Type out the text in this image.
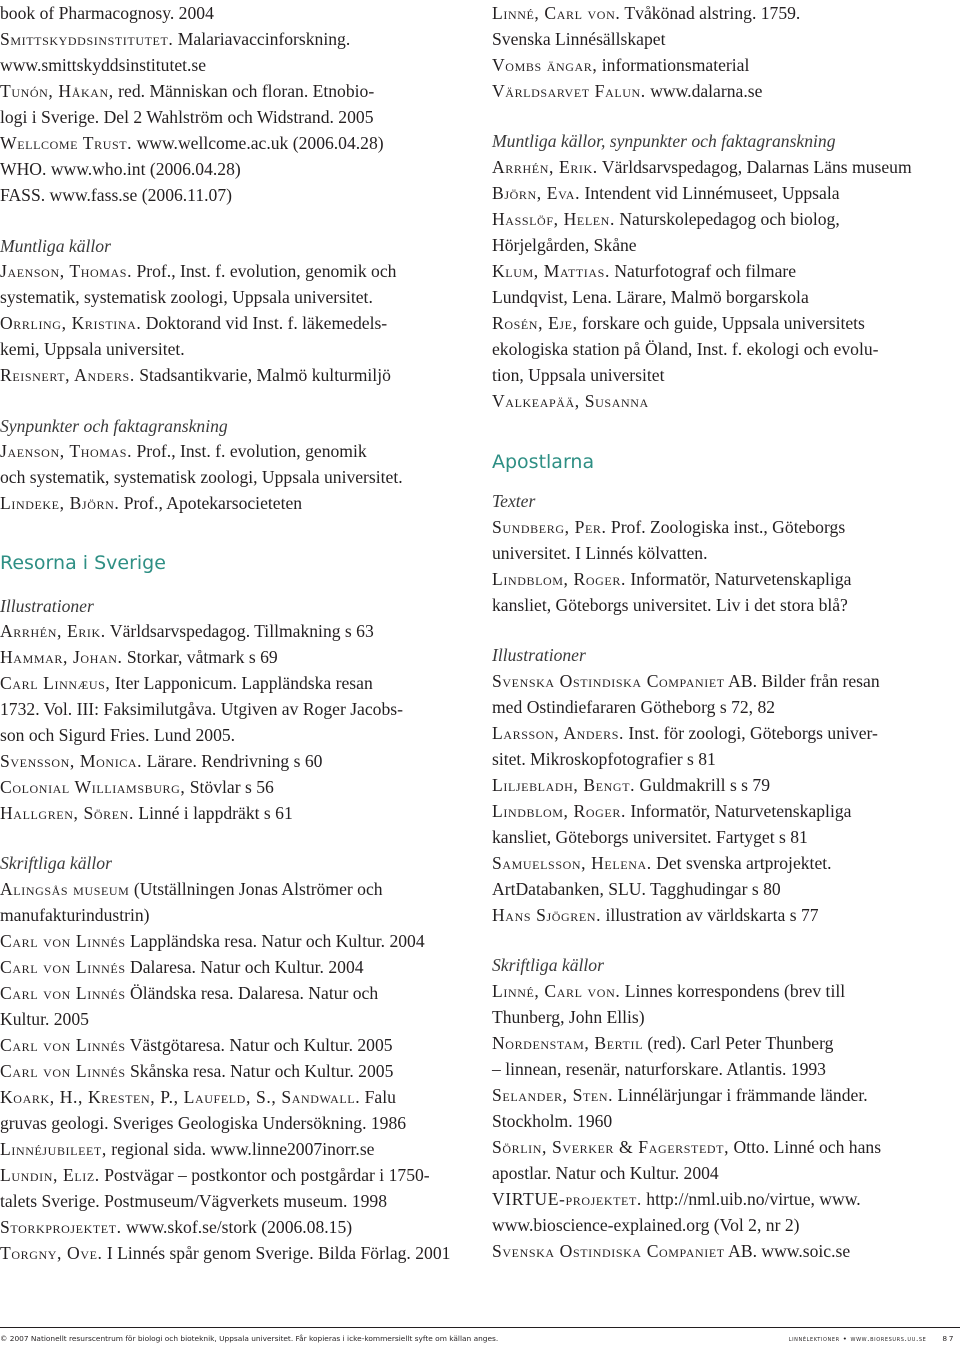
book of Pharmacognosy. 2004
Smittskyddsinstitutet. Malariavaccinforskning.
www.smittskyddsinstitutet.se
Tunón, Håkan, red. Människan och floran. Etnobio-
logi i Sverige. Del 2 Wahlström och Widstrand. 2005
Wellcome Trust. www.wellcome.ac.uk (2006.04.28)
WHO. www.who.int (2006.04.28)
FASS. www.fass.se (2006.11.07)
Muntliga källor
Jaenson, Thomas. Prof., Inst. f. evolution, genomik och
systematik, systematisk zoologi, Uppsala universitet.
Orrling, Kristina. Doktorand vid Inst. f. läkemedels-
kemi, Uppsala universitet.
Reisnert, Anders. Stadsantikvarie, Malmö kulturmiljö
Synpunkter och faktagranskning
Jaenson, Thomas. Prof., Inst. f. evolution, genomik
och systematik, systematisk zoologi, Uppsala universitet.
Lindeke, Björn. Prof., Apotekarsocieteten
Resorna i Sverige
Illustrationer
Arrhén, Erik. Världsarvspedagog. Tillmakning s 63
Hammar, Johan. Storkar, våtmark s 69
Carl Linnæus, Iter Lapponicum. Lappländska resan
1732. Vol. III: Faksimilutgåva. Utgiven av Roger Jacobs-
son och Sigurd Fries. Lund 2005.
Svensson, Monica. Lärare. Rendrivning s 60
Colonial Williamsburg, Stövlar s 56
Hallgren, Sören. Linné i lappdräkt s 61
Skriftliga källor
Alingsås museum (Utställningen Jonas Alströmer och
manufakturindustrin)
Carl von Linnés Lappländska resa. Natur och Kultur. 2004
Carl von Linnés Dalaresa. Natur och Kultur. 2004
Carl von Linnés Öländska resa. Dalaresa. Natur och
Kultur. 2005
Carl von Linnés Västgötaresa. Natur och Kultur. 2005
Carl von Linnés Skånska resa. Natur och Kultur. 2005
Koark, H., Kresten, P., Laufeld, S., Sandwall. Falu
gruvas geologi. Sveriges Geologiska Undersökning. 1986
Linnéjubileet, regional sida. www.linne2007inorr.se
Lundin, Eliz. Postvägar – postkontor och postgårdar i 1750-
talets Sverige. Postmuseum/Vägverkets museum. 1998
Storkprojektet. www.skof.se/stork (2006.08.15)
Torgny, Ove. I Linnés spår genom Sverige. Bilda Förlag. 2001
Linné, Carl von. Tvåkönad alstring. 1759.
Svenska Linnésällskapet
Vombs ängar, informationsmaterial
Världsarvet Falun. www.dalarna.se
Muntliga källor, synpunkter och faktagranskning
Arrhén, Erik. Världsarvspedagog, Dalarnas Läns museum
Björn, Eva. Intendent vid Linnémuseet, Uppsala
Hasslöf, Helen. Naturskolepedagog och biolog,
Hörjelgården, Skåne
Klum, Mattias. Naturfotograf och filmare
Lundqvist, Lena. Lärare, Malmö borgarskola
Rosén, Eje, forskare och guide, Uppsala universitets
ekologiska station på Öland, Inst. f. ekologi och evolu-
tion, Uppsala universitet
Valkeapää, Susanna
Apostlarna
Texter
Sundberg, Per. Prof. Zoologiska inst., Göteborgs
universitet. I Linnés kölvatten.
Lindblom, Roger. Informatör, Naturvetenskapliga
kansliet, Göteborgs universitet. Liv i det stora blå?
Illustrationer
Svenska Ostindiska Companiet AB. Bilder från resan
med Ostindiefararen Götheborg s 72, 82
Larsson, Anders. Inst. för zoologi, Göteborgs univer-
sitet. Mikroskopfotografier s 81
Liljebladh, Bengt. Guldmakrill s s 79
Lindblom, Roger. Informatör, Naturvetenskapliga
kansliet, Göteborgs universitet. Fartyget s 81
Samuelsson, Helena. Det svenska artprojektet.
ArtDatabanken, SLU. Tagghudingar s 80
Hans Sjögren. illustration av världskarta s 77
Skriftliga källor
Linné, Carl von. Linnes korrespondens (brev till
Thunberg, John Ellis)
Nordenstam, Bertil (red). Carl Peter Thunberg
– linnean, resenär, naturforskare. Atlantis. 1993
Selander, Sten. Linnélärjungar i främmande länder.
Stockholm. 1960
Sörlin, Sverker & Fagerstedt, Otto. Linné och hans
apostlar. Natur och Kultur. 2004
VIRTUE-projektet. http://nml.uib.no/virtue, www.
www.bioscience-explained.org (Vol 2, nr 2)
Svenska Ostindiska Companiet AB. www.soic.se
© 2007 Nationellt resurscentrum för biologi och bioteknik, Uppsala universitet. Får kopieras i icke-kommersiellt syfte om källan anges.	linnélektioner • www.bioresurs.uu.se 87
